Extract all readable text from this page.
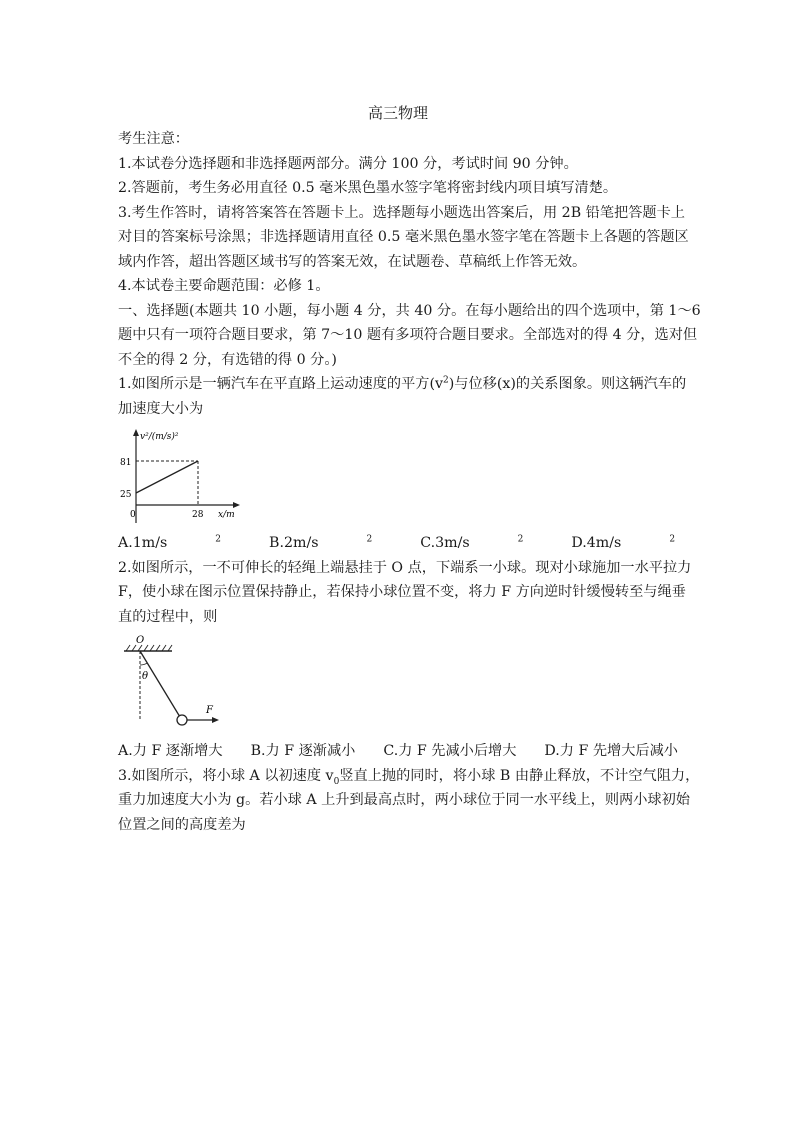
高三物理

考生注意：

1.本试卷分选择题和非选择题两部分。满分 100 分，考试时间 90 分钟。

2.答题前，考生务必用直径 0.5 毫米黑色墨水签字笔将密封线内项目填写清楚。

3.考生作答时，请将答案答在答题卡上。选择题每小题选出答案后，用 2B 铅笔把答题卡上

对目的答案标号涂黑；非选择题请用直径 0.5 毫米黑色墨水签字笔在答题卡上各题的答题区

域内作答，超出答题区域书写的答案无效，在试题卷、草稿纸上作答无效。

4.本试卷主要命题范围：必修 1。

一、选择题(本题共 10 小题，每小题 4 分，共 40 分。在每小题给出的四个选项中，第 1～6

题中只有一项符合题目要求，第 7～10 题有多项符合题目要求。全部选对的得 4 分，选对但

不全的得 2 分，有选错的得 0 分。)

1.如图所示是一辆汽车在平直路上运动速度的平方$(v^2)$与位移(x)的关系图象。则这辆汽车的

加速度大小为

v²/(m/s)²
81
25
0	28 x/m
A.1m/s	$^2$	B.2m/s	$^2$	C.3m/s	$^2$	D.4m/s	$^2$

2.如图所示，一不可伸长的轻绳上端悬挂于 O 点，下端系一小球。现对小球施加一水平拉力

F，使小球在图示位置保持静止，若保持小球位置不变，将力 F 方向逆时针缓慢转至与绳垂

直的过程中，则

O
θ
F
A.力 F 逐渐增大 B.力 F 逐渐减小 C.力 F 先减小后增大 D.力 F 先增大后减小

3.如图所示，将小球 A 以初速度 $v_0$竖直上抛的同时，将小球 B 由静止释放，不计空气阻力，

重力加速度大小为 g。若小球 A 上升到最高点时，两小球位于同一水平线上，则两小球初始

位置之间的高度差为
